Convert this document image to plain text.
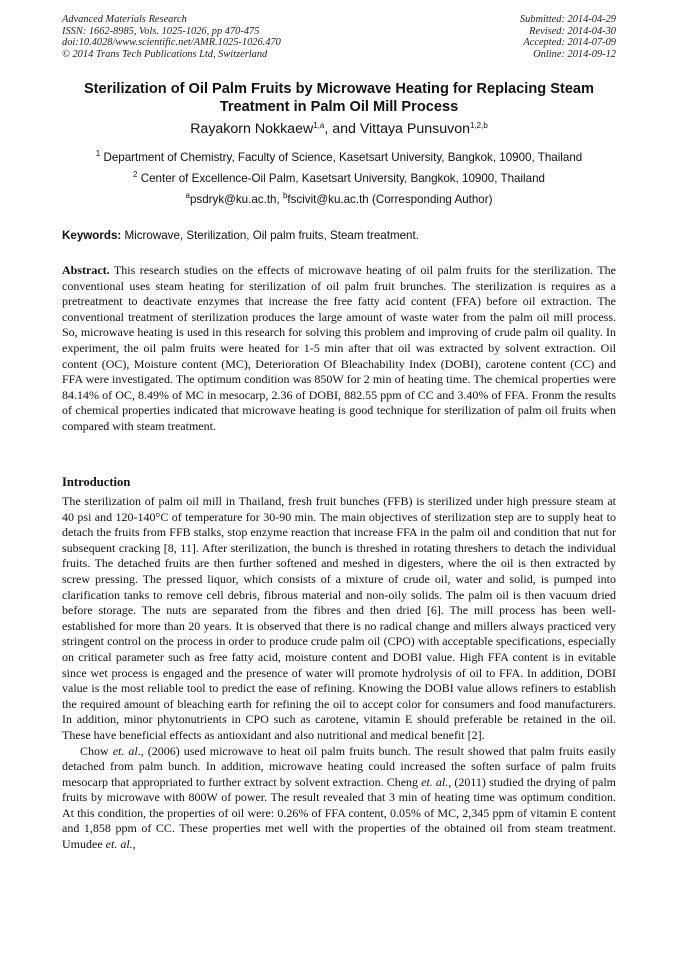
Advanced Materials Research
ISSN: 1662-8985, Vols. 1025-1026, pp 470-475
doi:10.4028/www.scientific.net/AMR.1025-1026.470
© 2014 Trans Tech Publications Ltd, Switzerland
Submitted: 2014-04-29
Revised: 2014-04-30
Accepted: 2014-07-09
Online: 2014-09-12
Sterilization of Oil Palm Fruits by Microwave Heating for Replacing Steam Treatment in Palm Oil Mill Process
Rayakorn Nokkaew$^{1,a}$, and Vittaya Punsuvon$^{1,2,b}$
$^1$ Department of Chemistry, Faculty of Science, Kasetsart University, Bangkok, 10900, Thailand
$^2$ Center of Excellence-Oil Palm, Kasetsart University, Bangkok, 10900, Thailand
$^a$psdryk@ku.ac.th, $^b$fscivit@ku.ac.th (Corresponding Author)
Keywords: Microwave, Sterilization, Oil palm fruits, Steam treatment.

Abstract. This research studies on the effects of microwave heating of oil palm fruits for the sterilization. The conventional uses steam heating for sterilization of oil palm fruit brunches. The sterilization is requires as a pretreatment to deactivate enzymes that increase the free fatty acid content (FFA) before oil extraction. The conventional treatment of sterilization produces the large amount of waste water from the palm oil mill process. So, microwave heating is used in this research for solving this problem and improving of crude palm oil quality. In experiment, the oil palm fruits were heated for 1-5 min after that oil was extracted by solvent extraction. Oil content (OC), Moisture content (MC), Deterioration Of Bleachability Index (DOBI), carotene content (CC) and FFA were investigated. The optimum condition was 850W for 2 min of heating time. The chemical properties were 84.14% of OC, 8.49% of MC in mesocarp, 2.36 of DOBI, 882.55 ppm of CC and 3.40% of FFA. Fronm the results of chemical properties indicated that microwave heating is good technique for sterilization of palm oil fruits when compared with steam treatment.

Introduction

The sterilization of palm oil mill in Thailand, fresh fruit bunches (FFB) is sterilized under high pressure steam at 40 psi and 120-140°C of temperature for 30-90 min. The main objectives of sterilization step are to supply heat to detach the fruits from FFB stalks, stop enzyme reaction that increase FFA in the palm oil and condition that nut for subsequent cracking [8, 11]. After sterilization, the bunch is threshed in rotating threshers to detach the individual fruits. The detached fruits are then further softened and meshed in digesters, where the oil is then extracted by screw pressing. The pressed liquor, which consists of a mixture of crude oil, water and solid, is pumped into clarification tanks to remove cell debris, fibrous material and non-oily solids. The palm oil is then vacuum dried before storage. The nuts are separated from the fibres and then dried [6]. The mill process has been well-established for more than 20 years. It is observed that there is no radical change and millers always practiced very stringent control on the process in order to produce crude palm oil (CPO) with acceptable specifications, especially on critical parameter such as free fatty acid, moisture content and DOBI value. High FFA content is in evitable since wet process is engaged and the presence of water will promote hydrolysis of oil to FFA. In addition, DOBI value is the most reliable tool to predict the ease of refining. Knowing the DOBI value allows refiners to establish the required amount of bleaching earth for refining the oil to accept color for consumers and food manufacturers. In addition, minor phytonutrients in CPO such as carotene, vitamin E should preferable be retained in the oil. These have beneficial effects as antioxidant and also nutritional and medical benefit [2].

Chow et. al., (2006) used microwave to heat oil palm fruits bunch. The result showed that palm fruits easily detached from palm bunch. In addition, microwave heating could increased the soften surface of palm fruits mesocarp that appropriated to further extract by solvent extraction. Cheng et. al., (2011) studied the drying of palm fruits by microwave with 800W of power. The result revealed that 3 min of heating time was optimum condition. At this condition, the properties of oil were: 0.26% of FFA content, 0.05% of MC, 2,345 ppm of vitamin E content and 1,858 ppm of CC. These properties met well with the properties of the obtained oil from steam treatment. Umudee et. al.,
